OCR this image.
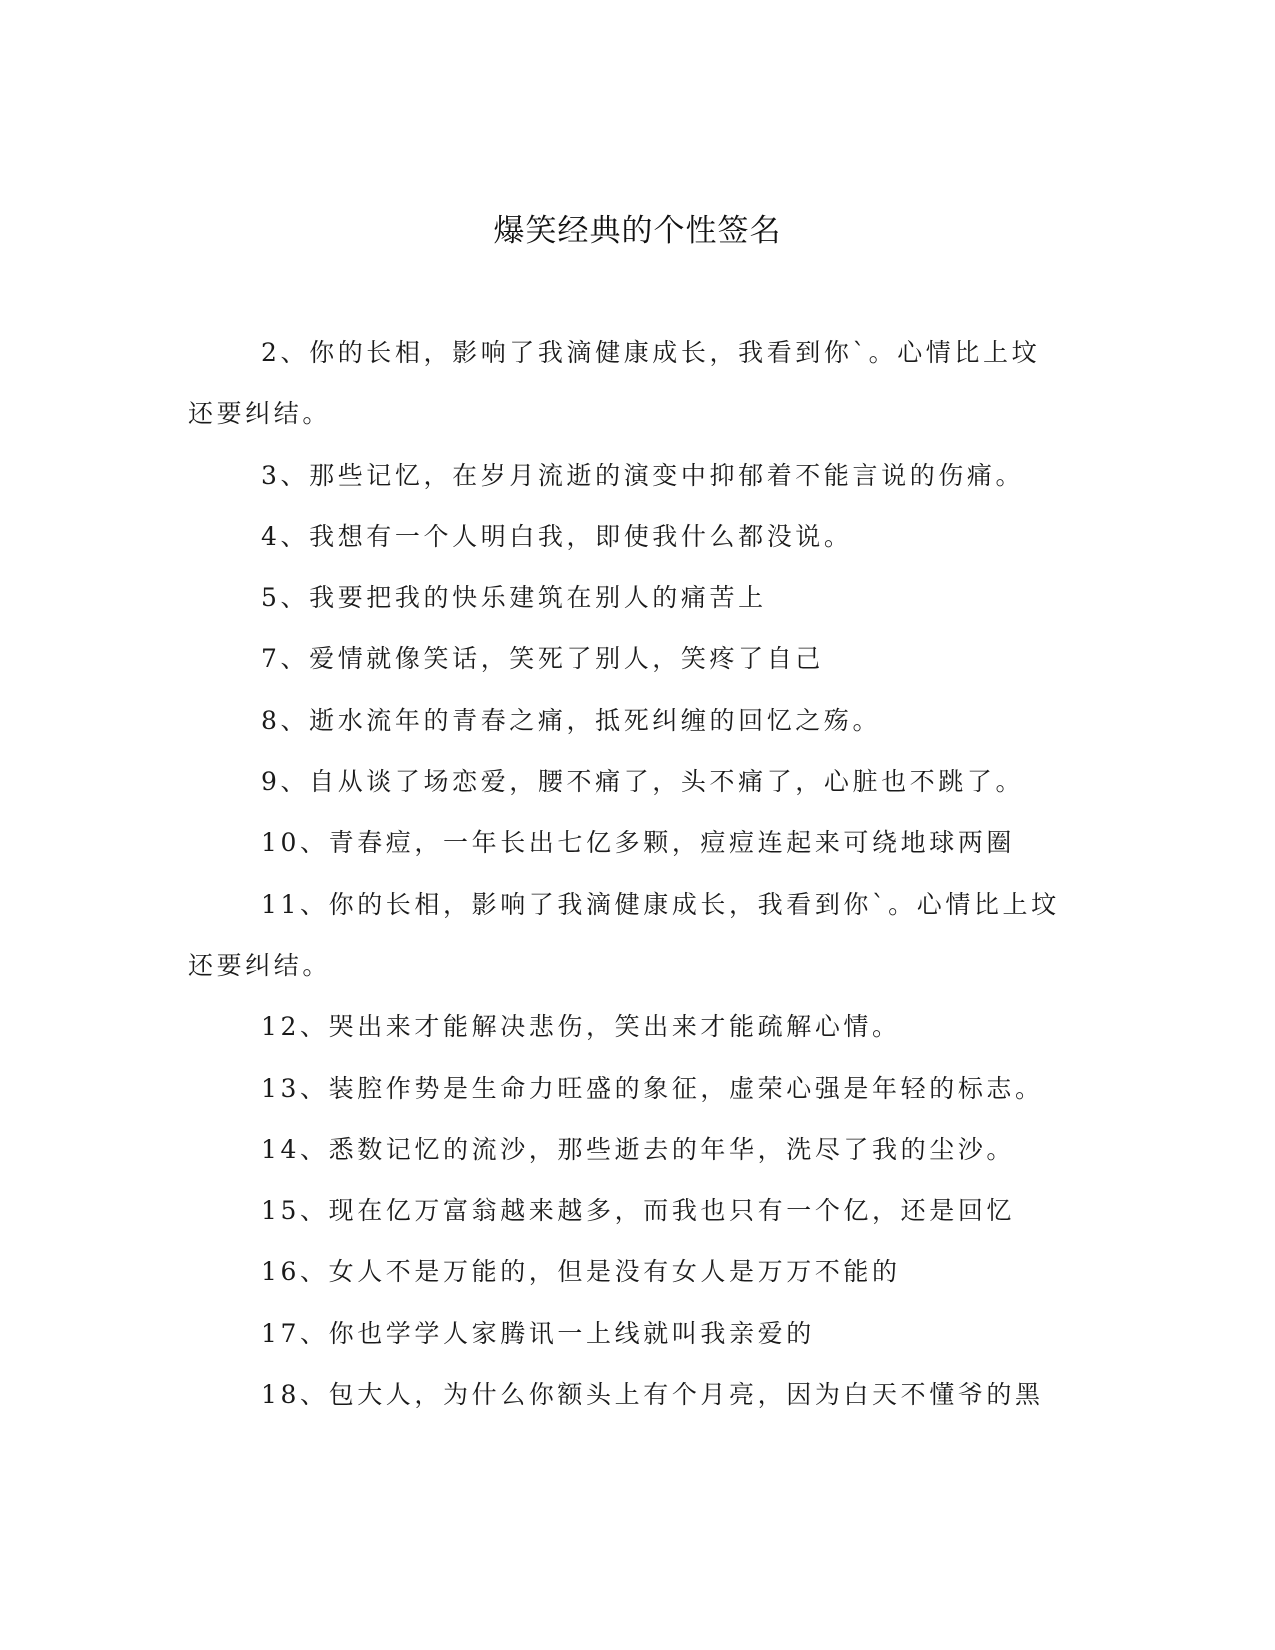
爆笑经典的个性签名

2、你的长相，影响了我滴健康成长，我看到你`。心情比上坟还要纠结。

3、那些记忆，在岁月流逝的演变中抑郁着不能言说的伤痛。

4、我想有一个人明白我，即使我什么都没说。

5、我要把我的快乐建筑在别人的痛苦上

7、爱情就像笑话，笑死了别人，笑疼了自己

8、逝水流年的青春之痛，抵死纠缠的回忆之殇。

9、自从谈了场恋爱，腰不痛了，头不痛了，心脏也不跳了。

10、青春痘，一年长出七亿多颗，痘痘连起来可绕地球两圈

11、你的长相，影响了我滴健康成长，我看到你`。心情比上坟还要纠结。

12、哭出来才能解决悲伤，笑出来才能疏解心情。

13、装腔作势是生命力旺盛的象征，虚荣心强是年轻的标志。

14、悉数记忆的流沙，那些逝去的年华，洗尽了我的尘沙。

15、现在亿万富翁越来越多，而我也只有一个亿，还是回忆

16、女人不是万能的，但是没有女人是万万不能的

17、你也学学人家腾讯一上线就叫我亲爱的

18、包大人，为什么你额头上有个月亮，因为白天不懂爷的黑
